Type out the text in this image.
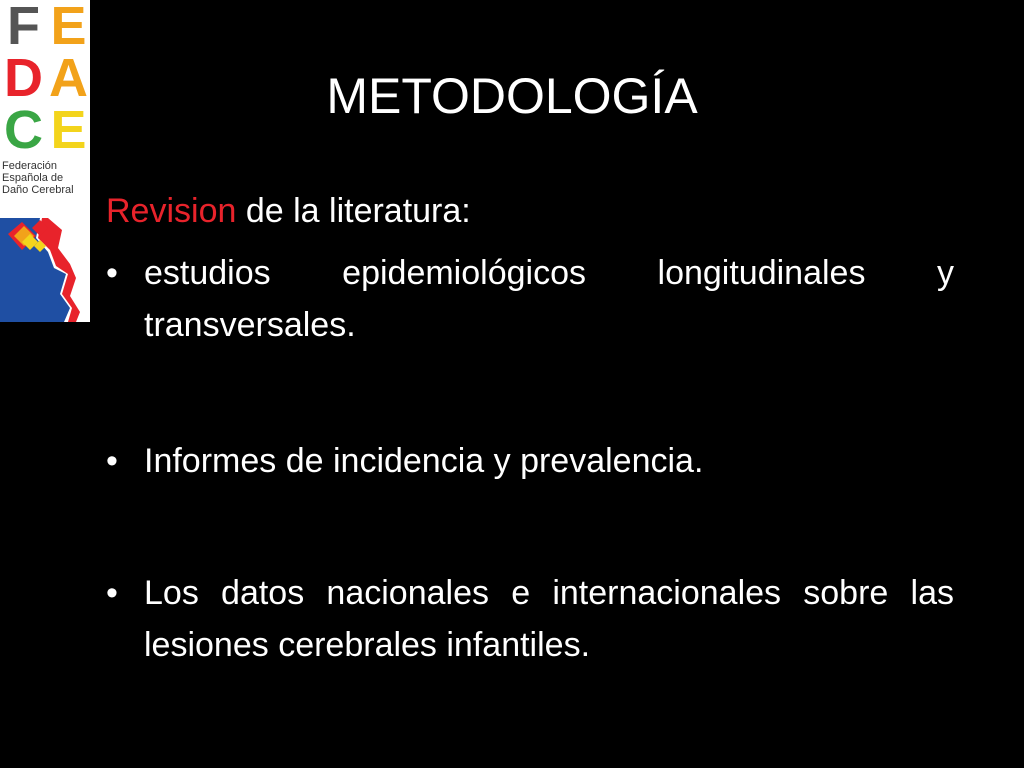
F E
D A
C E
Federación
Española de
Daño Cerebral
METODOLOGÍA

Revision de la literatura:

• estudios epidemiológicos longitudinales y transversales.
• Informes de incidencia y prevalencia.
• Los datos nacionales e internacionales sobre las lesiones cerebrales infantiles.
